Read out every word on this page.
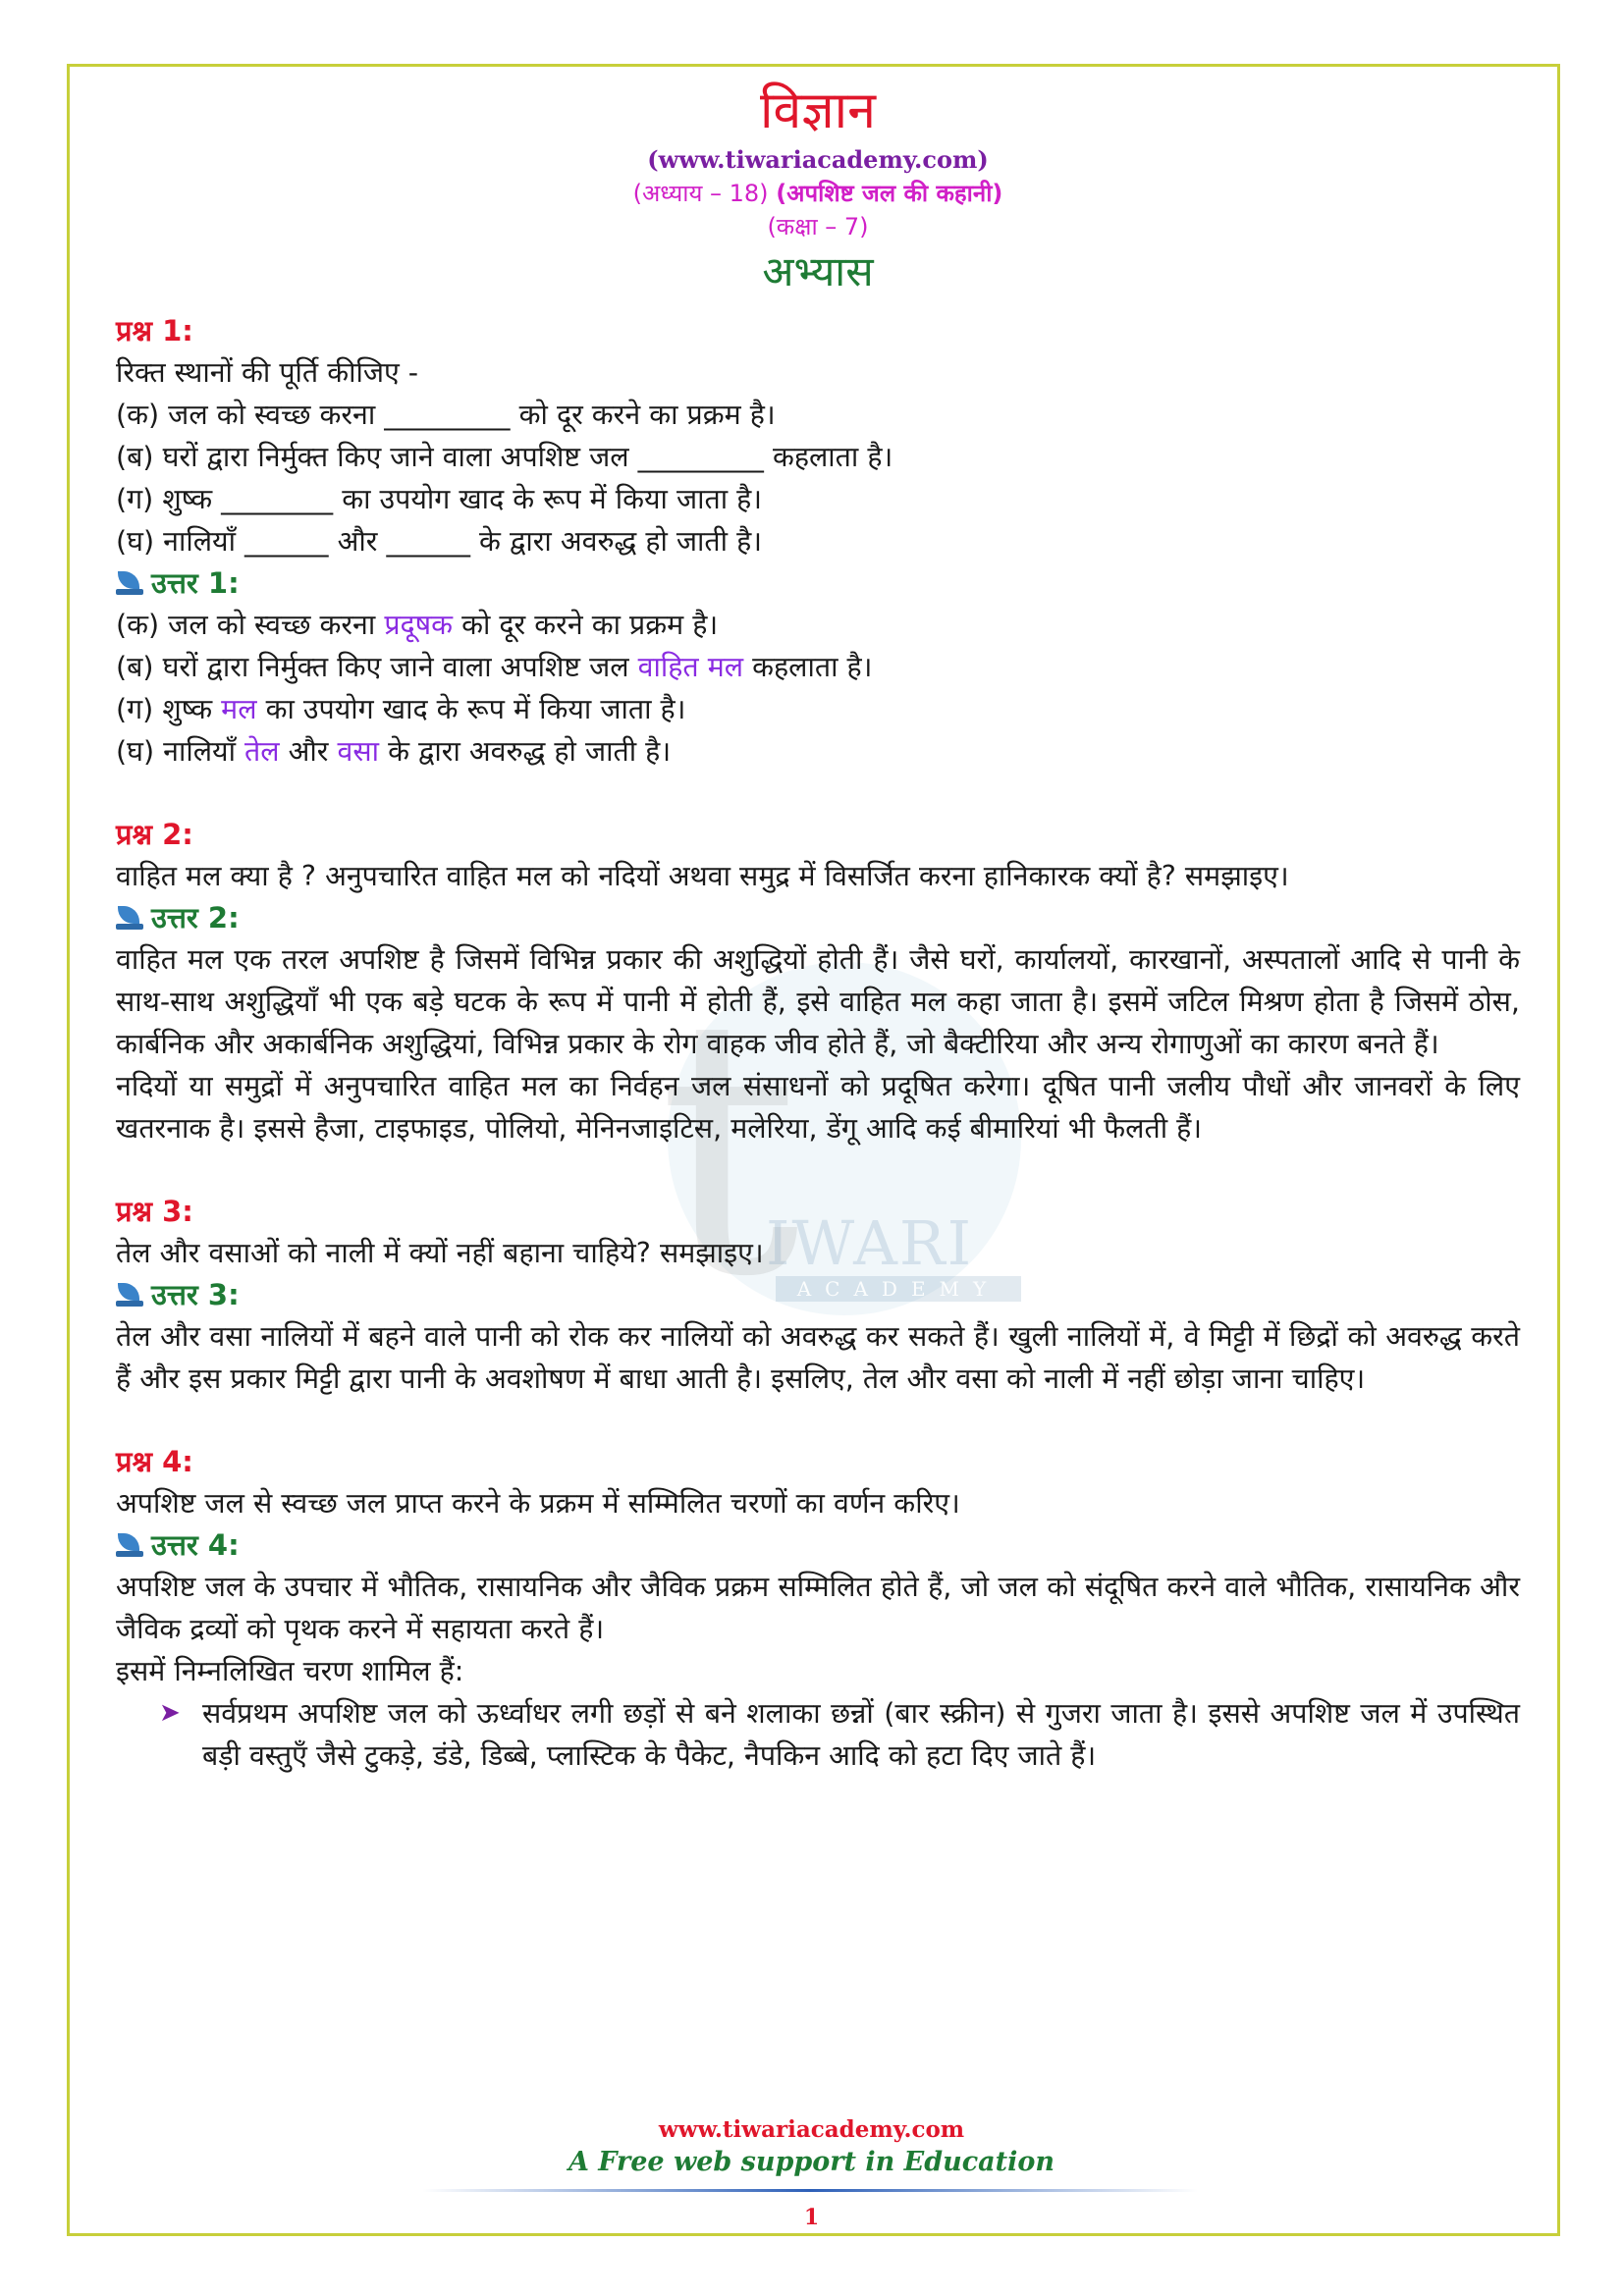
t
IWARI
ACADEMY
विज्ञान
(www.tiwariacademy.com)
(अध्याय – 18) (अपशिष्ट जल की कहानी)
(कक्षा – 7)
अभ्यास
प्रश्न 1:
रिक्त स्थानों की पूर्ति कीजिए -
(क) जल को स्वच्छ करना _________ को दूर करने का प्रक्रम है।
(ब) घरों द्वारा निर्मुक्त किए जाने वाला अपशिष्ट जल _________ कहलाता है।
(ग) शुष्क ________ का उपयोग खाद के रूप में किया जाता है।
(घ) नालियाँ ______ और ______ के द्वारा अवरुद्ध हो जाती है।
उत्तर 1:
(क) जल को स्वच्छ करना प्रदूषक को दूर करने का प्रक्रम है।
(ब) घरों द्वारा निर्मुक्त किए जाने वाला अपशिष्ट जल वाहित मल कहलाता है।
(ग) शुष्क मल का उपयोग खाद के रूप में किया जाता है।
(घ) नालियाँ तेल और वसा के द्वारा अवरुद्ध हो जाती है।
प्रश्न 2:
वाहित मल क्या है ? अनुपचारित वाहित मल को नदियों अथवा समुद्र में विसर्जित करना हानिकारक क्यों है? समझाइए।
उत्तर 2:
वाहित मल एक तरल अपशिष्ट है जिसमें विभिन्न प्रकार की अशुद्धियों होती हैं। जैसे घरों, कार्यालयों, कारखानों, अस्पतालों आदि से पानी के साथ-साथ अशुद्धियाँ भी एक बड़े घटक के रूप में पानी में होती हैं, इसे वाहित मल कहा जाता है। इसमें जटिल मिश्रण होता है जिसमें ठोस, कार्बनिक और अकार्बनिक अशुद्धियां, विभिन्न प्रकार के रोग वाहक जीव होते हैं, जो बैक्टीरिया और अन्य रोगाणुओं का कारण बनते हैं।
नदियों या समुद्रों में अनुपचारित वाहित मल का निर्वहन जल संसाधनों को प्रदूषित करेगा। दूषित पानी जलीय पौधों और जानवरों के लिए खतरनाक है। इससे हैजा, टाइफाइड, पोलियो, मेनिनजाइटिस, मलेरिया, डेंगू आदि कई बीमारियां भी फैलती हैं।
प्रश्न 3:
तेल और वसाओं को नाली में क्यों नहीं बहाना चाहिये? समझाइए।
उत्तर 3:
तेल और वसा नालियों में बहने वाले पानी को रोक कर नालियों को अवरुद्ध कर सकते हैं। खुली नालियों में, वे मिट्टी में छिद्रों को अवरुद्ध करते हैं और इस प्रकार मिट्टी द्वारा पानी के अवशोषण में बाधा आती है। इसलिए, तेल और वसा को नाली में नहीं छोड़ा जाना चाहिए।
प्रश्न 4:
अपशिष्ट जल से स्वच्छ जल प्राप्त करने के प्रक्रम में सम्मिलित चरणों का वर्णन करिए।
उत्तर 4:
अपशिष्ट जल के उपचार में भौतिक, रासायनिक और जैविक प्रक्रम सम्मिलित होते हैं, जो जल को संदूषित करने वाले भौतिक, रासायनिक और जैविक द्रव्यों को पृथक करने में सहायता करते हैं।
इसमें निम्नलिखित चरण शामिल हैं:
➤ सर्वप्रथम अपशिष्ट जल को ऊर्ध्वाधर लगी छड़ों से बने शलाका छन्नों (बार स्क्रीन) से गुजरा जाता है। इससे अपशिष्ट जल में उपस्थित बड़ी वस्तुएँ जैसे टुकड़े, डंडे, डिब्बे, प्लास्टिक के पैकेट, नैपकिन आदि को हटा दिए जाते हैं।
www.tiwariacademy.com
A Free web support in Education
1
